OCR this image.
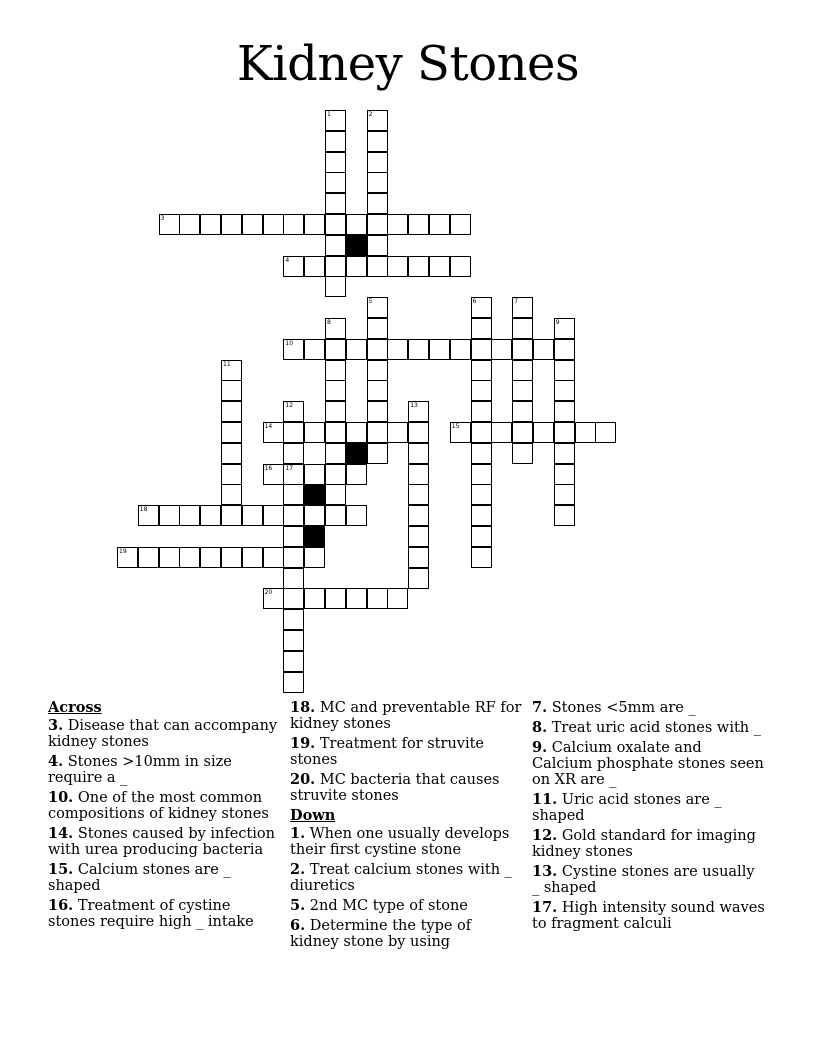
Kidney Stones
1	2
3
4
5	6	7
8	9
10
11
12	13
14	15
16 17
18
19
20
Across
3. Disease that can accompany kidney stones
4. Stones >10mm in size require a _
10. One of the most common compositions of kidney stones
14. Stones caused by infection with urea producing bacteria
15. Calcium stones are _ shaped
16. Treatment of cystine stones require high _ intake
18. MC and preventable RF for kidney stones
19. Treatment for struvite stones
20. MC bacteria that causes struvite stones
Down
1. When one usually develops their first cystine stone
2. Treat calcium stones with _ diuretics
5. 2nd MC type of stone
6. Determine the type of kidney stone by using
7. Stones <5mm are _
8. Treat uric acid stones with _
9. Calcium oxalate and Calcium phosphate stones seen on XR are _
11. Uric acid stones are _ shaped
12. Gold standard for imaging kidney stones
13. Cystine stones are usually _ shaped
17. High intensity sound waves to fragment calculi
